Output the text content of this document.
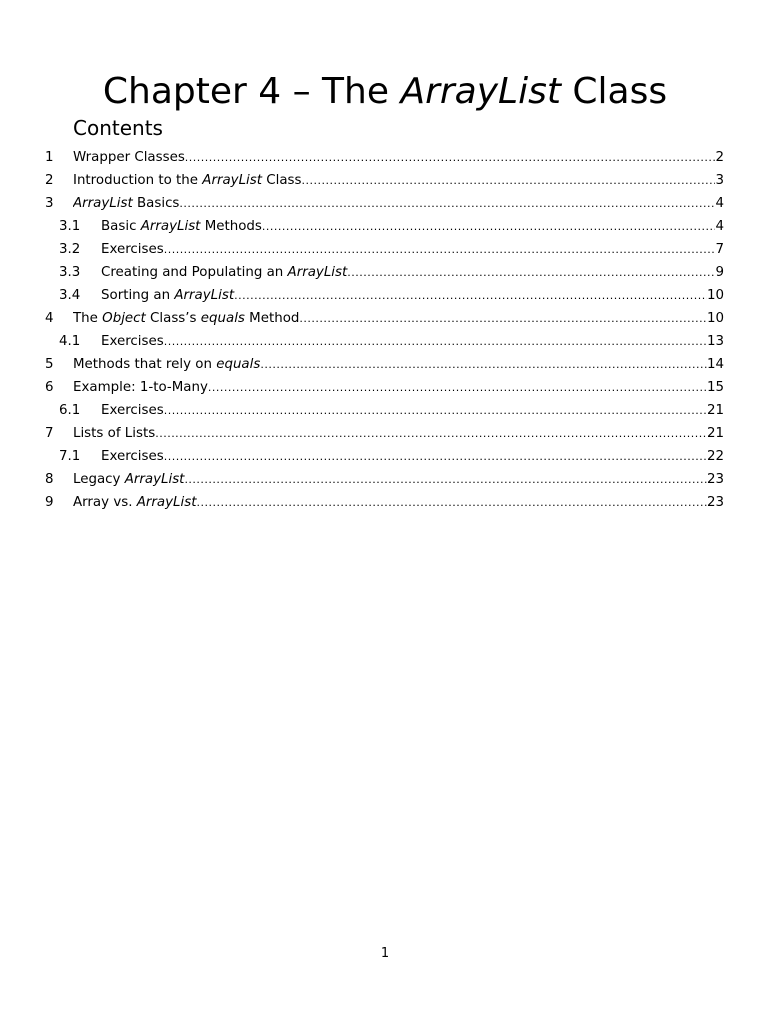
Chapter 4 – The ArrayList Class
Contents
1 Wrapper Classes .....	2
2 Introduction to the ArrayList Class .....	3
3 ArrayList Basics .....	4
3.1 Basic ArrayList Methods .....	4
3.2 Exercises .....	7
3.3 Creating and Populating an ArrayList .....	9
3.4 Sorting an ArrayList .....	10
4 The Object Class’s equals Method .....	10
4.1 Exercises .....	13
5 Methods that rely on equals .....	14
6 Example: 1-to-Many .....	15
6.1 Exercises .....	21
7 Lists of Lists .....	21
7.1 Exercises .....	22
8 Legacy ArrayList .....	23
9 Array vs. ArrayList .....	23
1
